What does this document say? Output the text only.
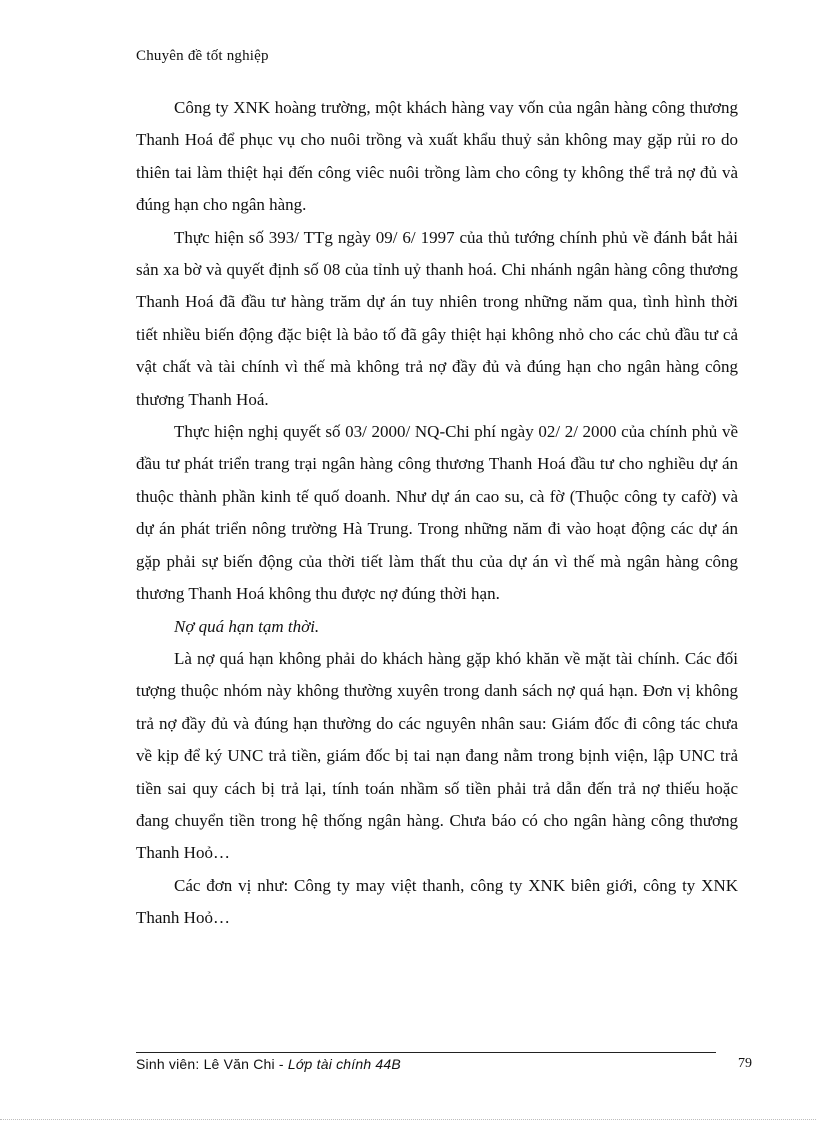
Chuyên đề tốt nghiệp

Công ty XNK hoàng trường, một khách hàng vay vốn của ngân hàng công thương Thanh Hoá để phục vụ cho nuôi trồng và xuất khẩu thuỷ sản không may gặp rủi ro do thiên tai làm thiệt hại đến công viêc nuôi trồng làm cho công ty không thể trả nợ đủ và đúng hạn cho ngân hàng.

Thực hiện số 393/ TTg ngày 09/ 6/ 1997 của thủ tướng chính phủ về đánh bắt hải sản xa bờ và quyết định số 08 của tỉnh uỷ thanh hoá. Chi nhánh ngân hàng công thương Thanh Hoá đã đầu tư hàng trăm dự án tuy nhiên trong những năm qua, tình hình thời tiết nhiều biến động đặc biệt là bảo tố đã gây thiệt hại không nhỏ cho các chủ đầu tư cả vật chất và tài chính vì thế mà không trả nợ đầy đủ và đúng hạn cho ngân hàng công thương Thanh Hoá.

Thực hiện nghị quyết số 03/ 2000/ NQ-Chi phí ngày 02/ 2/ 2000 của chính phủ về đầu tư phát triển trang trại ngân hàng công thương Thanh Hoá đầu tư cho nghiều dự án thuộc thành phần kinh tế quố doanh. Như dự án cao su, cà fờ (Thuộc công ty cafờ) và dự án phát triển nông trường Hà Trung. Trong những năm đi vào hoạt động các dự án gặp phải sự biến động của thời tiết làm thất thu của dự án vì thế mà ngân hàng công thương Thanh Hoá không thu được nợ đúng thời hạn.

Nợ quá hạn tạm thời.

Là nợ quá hạn không phải do khách hàng gặp khó khăn về mặt tài chính. Các đối tượng thuộc nhóm này không thường xuyên trong danh sách nợ quá hạn. Đơn vị không trả nợ đầy đủ và đúng hạn thường do các nguyên nhân sau: Giám đốc đi công tác chưa về kịp để ký UNC trả tiền, giám đốc bị tai nạn đang nằm trong bịnh viện, lập UNC trả tiền sai quy cách bị trả lại, tính toán nhầm số tiền phải trả dẫn đến trả nợ thiếu hoặc đang chuyển tiền trong hệ thống ngân hàng. Chưa báo có cho ngân hàng công thương Thanh Hoỏ…

Các đơn vị như: Công ty may việt thanh, công ty XNK biên giới, công ty XNK Thanh Hoỏ…

Sinh viên: Lê Văn Chi - Lớp tài chính 44B	79
